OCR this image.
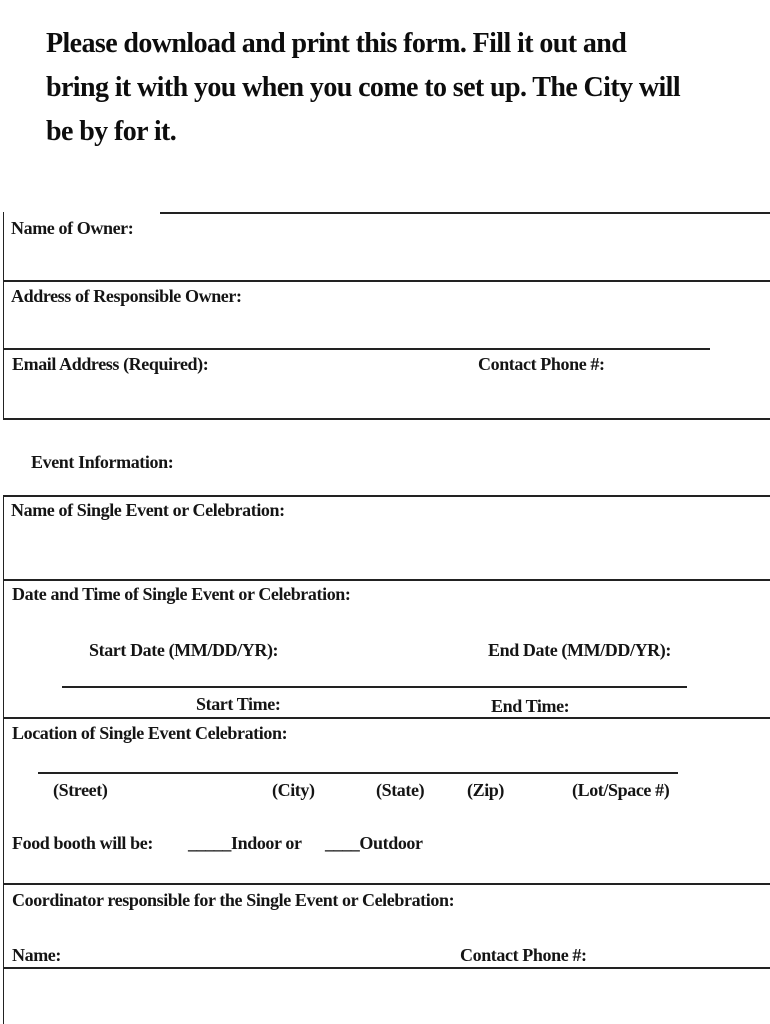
Please download and print this form. Fill it out and
bring it with you when you come to set up. The City will
be by for it.
Name of Owner:
Address of Responsible Owner:
Email Address (Required):	Contact Phone #:
Event Information:
Name of Single Event or Celebration:
Date and Time of Single Event or Celebration:
Start Date (MM/DD/YR):	End Date (MM/DD/YR):
Start Time:	End Time:
Location of Single Event Celebration:
(Street)	(City)	(State) (Zip)	(Lot/Space #)
Food booth will be: _____Indoor or ____Outdoor
Coordinator responsible for the Single Event or Celebration:
Name:	Contact Phone #:
